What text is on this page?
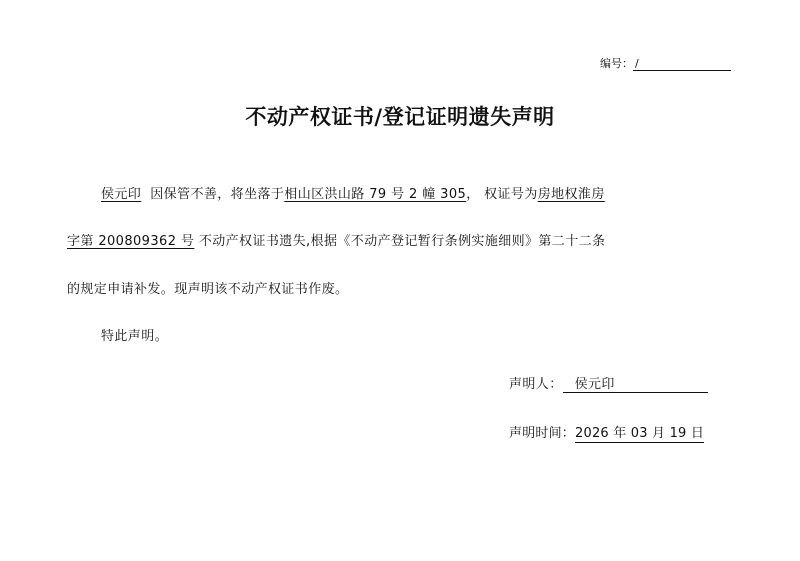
编号： /
不动产权证书/登记证明遗失声明
侯元印 因保管不善，将坐落于相山区洪山路 79 号 2 幢 305， 权证号为房地权淮房
字第 200809362 号 不动产权证书遗失,根据《不动产登记暂行条例实施细则》第二十二条
的规定申请补发。现声明该不动产权证书作废。
特此声明。
声明人： 侯元印
声明时间：2026 年 03 月 19 日
